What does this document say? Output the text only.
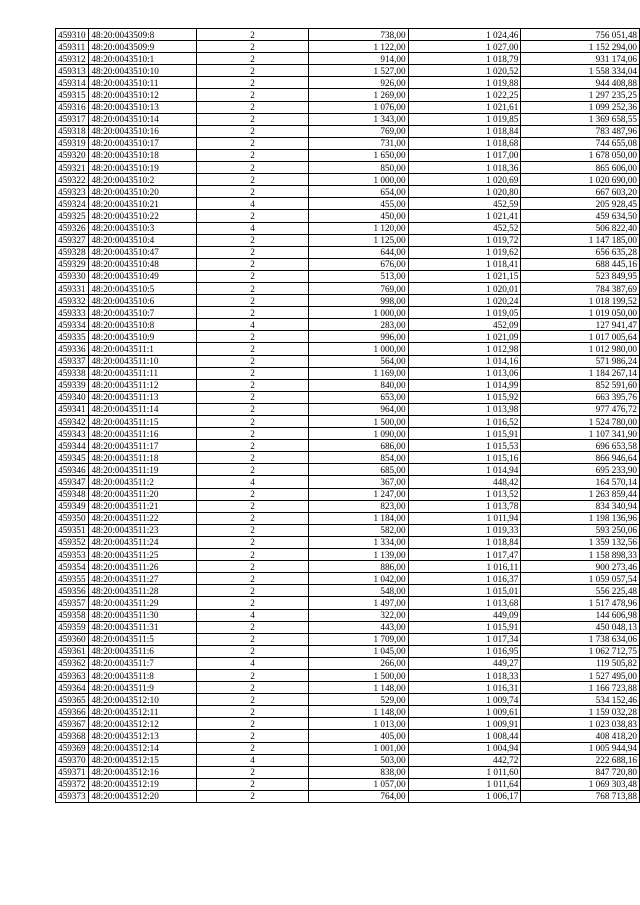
459310	48:20:0043509:8	2	738,00	1 024,46	756 051,48
459311	48:20:0043509:9	2	1 122,00	1 027,00	1 152 294,00
459312	48:20:0043510:1	2	914,00	1 018,79	931 174,06
459313	48:20:0043510:10	2	1 527,00	1 020,52	1 558 334,04
459314	48:20:0043510:11	2	926,00	1 019,88	944 408,88
459315	48:20:0043510:12	2	1 269,00	1 022,25	1 297 235,25
459316	48:20:0043510:13	2	1 076,00	1 021,61	1 099 252,36
459317	48:20:0043510:14	2	1 343,00	1 019,85	1 369 658,55
459318	48:20:0043510:16	2	769,00	1 018,84	783 487,96
459319	48:20:0043510:17	2	731,00	1 018,68	744 655,08
459320	48:20:0043510:18	2	1 650,00	1 017,00	1 678 050,00
459321	48:20:0043510:19	2	850,00	1 018,36	865 606,00
459322	48:20:0043510:2	2	1 000,00	1 020,69	1 020 690,00
459323	48:20:0043510:20	2	654,00	1 020,80	667 603,20
459324	48:20:0043510:21	4	455,00	452,59	205 928,45
459325	48:20:0043510:22	2	450,00	1 021,41	459 634,50
459326	48:20:0043510:3	4	1 120,00	452,52	506 822,40
459327	48:20:0043510:4	2	1 125,00	1 019,72	1 147 185,00
459328	48:20:0043510:47	2	644,00	1 019,62	656 635,28
459329	48:20:0043510:48	2	676,00	1 018,41	688 445,16
459330	48:20:0043510:49	2	513,00	1 021,15	523 849,95
459331	48:20:0043510:5	2	769,00	1 020,01	784 387,69
459332	48:20:0043510:6	2	998,00	1 020,24	1 018 199,52
459333	48:20:0043510:7	2	1 000,00	1 019,05	1 019 050,00
459334	48:20:0043510:8	4	283,00	452,09	127 941,47
459335	48:20:0043510:9	2	996,00	1 021,09	1 017 005,64
459336	48:20:0043511:1	2	1 000,00	1 012,98	1 012 980,00
459337	48:20:0043511:10	2	564,00	1 014,16	571 986,24
459338	48:20:0043511:11	2	1 169,00	1 013,06	1 184 267,14
459339	48:20:0043511:12	2	840,00	1 014,99	852 591,60
459340	48:20:0043511:13	2	653,00	1 015,92	663 395,76
459341	48:20:0043511:14	2	964,00	1 013,98	977 476,72
459342	48:20:0043511:15	2	1 500,00	1 016,52	1 524 780,00
459343	48:20:0043511:16	2	1 090,00	1 015,91	1 107 341,90
459344	48:20:0043511:17	2	686,00	1 015,53	696 653,58
459345	48:20:0043511:18	2	854,00	1 015,16	866 946,64
459346	48:20:0043511:19	2	685,00	1 014,94	695 233,90
459347	48:20:0043511:2	4	367,00	448,42	164 570,14
459348	48:20:0043511:20	2	1 247,00	1 013,52	1 263 859,44
459349	48:20:0043511:21	2	823,00	1 013,78	834 340,94
459350	48:20:0043511:22	2	1 184,00	1 011,94	1 198 136,96
459351	48:20:0043511:23	2	582,00	1 019,33	593 250,06
459352	48:20:0043511:24	2	1 334,00	1 018,84	1 359 132,56
459353	48:20:0043511:25	2	1 139,00	1 017,47	1 158 898,33
459354	48:20:0043511:26	2	886,00	1 016,11	900 273,46
459355	48:20:0043511:27	2	1 042,00	1 016,37	1 059 057,54
459356	48:20:0043511:28	2	548,00	1 015,01	556 225,48
459357	48:20:0043511:29	2	1 497,00	1 013,68	1 517 478,96
459358	48:20:0043511:30	4	322,00	449,09	144 606,98
459359	48:20:0043511:31	2	443,00	1 015,91	450 048,13
459360	48:20:0043511:5	2	1 709,00	1 017,34	1 738 634,06
459361	48:20:0043511:6	2	1 045,00	1 016,95	1 062 712,75
459362	48:20:0043511:7	4	266,00	449,27	119 505,82
459363	48:20:0043511:8	2	1 500,00	1 018,33	1 527 495,00
459364	48:20:0043511:9	2	1 148,00	1 016,31	1 166 723,88
459365	48:20:0043512:10	2	529,00	1 009,74	534 152,46
459366	48:20:0043512:11	2	1 148,00	1 009,61	1 159 032,28
459367	48:20:0043512:12	2	1 013,00	1 009,91	1 023 038,83
459368	48:20:0043512:13	2	405,00	1 008,44	408 418,20
459369	48:20:0043512:14	2	1 001,00	1 004,94	1 005 944,94
459370	48:20:0043512:15	4	503,00	442,72	222 688,16
459371	48:20:0043512:16	2	838,00	1 011,60	847 720,80
459372	48:20:0043512:19	2	1 057,00	1 011,64	1 069 303,48
459373	48:20:0043512:20	2	764,00	1 006,17	768 713,88
